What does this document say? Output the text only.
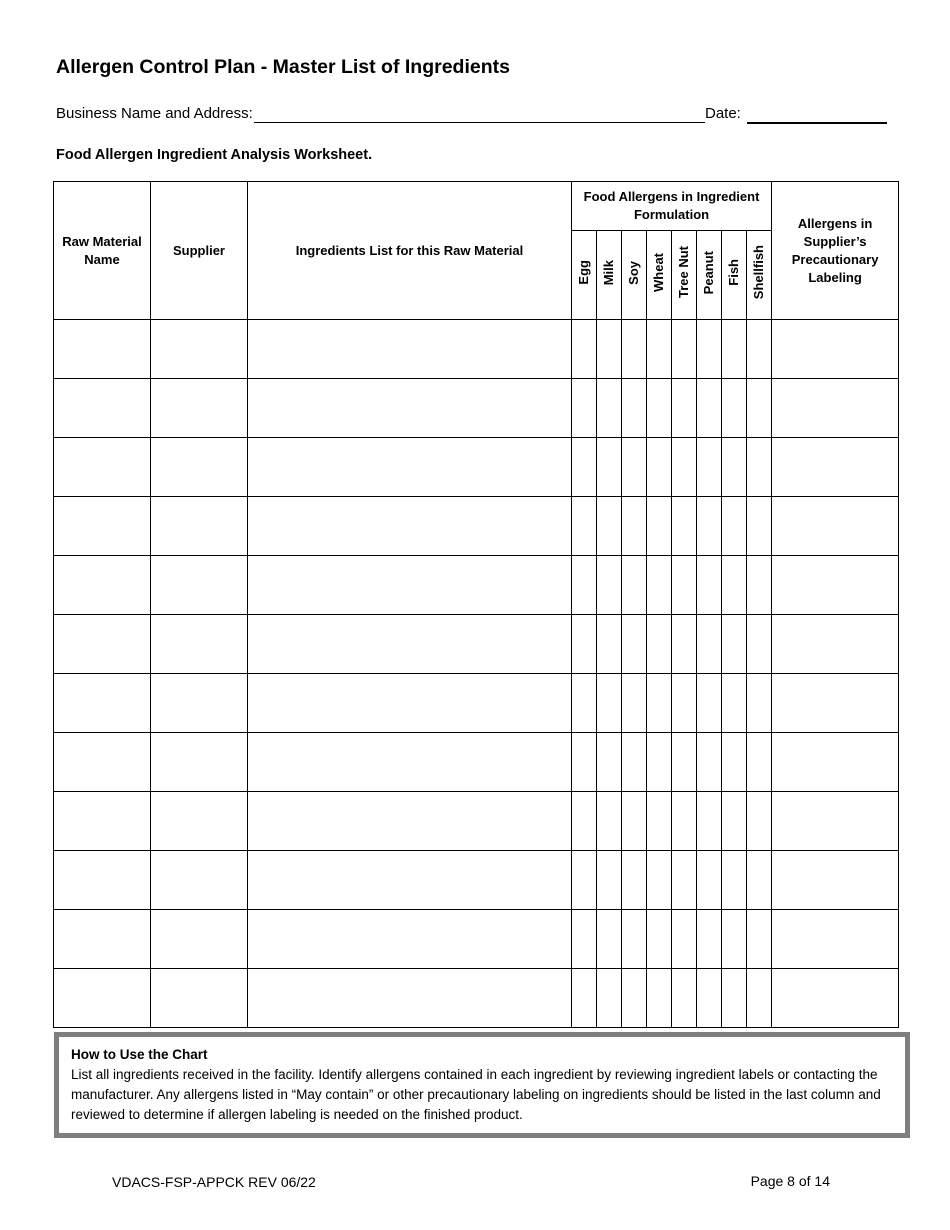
Allergen Control Plan - Master List of Ingredients
Business Name and Address:	Date:
Food Allergen Ingredient Analysis Worksheet.
Raw Material Name	Supplier	Ingredients List for this Raw Material	Food Allergens in Ingredient Formulation								Allergens in Supplier’s Precautionary Labeling
			Egg	Milk	Soy	Wheat	Tree Nut	Peanut	Fish	Shellfish	

How to Use the Chart

List all ingredients received in the facility. Identify allergens contained in each ingredient by reviewing ingredient labels or contacting the manufacturer. Any allergens listed in “May contain” or other precautionary labeling on ingredients should be listed in the last column and reviewed to determine if allergen labeling is needed on the finished product.

VDACS-FSP-APPCK REV 06/22	Page 8 of 14
